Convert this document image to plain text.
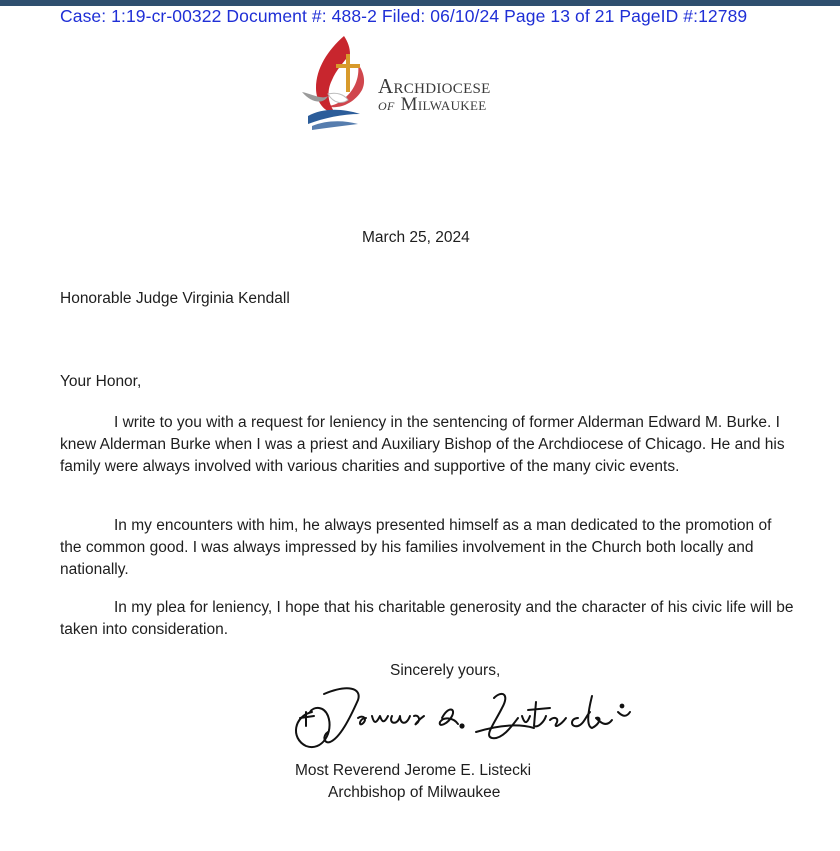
Case: 1:19-cr-00322 Document #: 488-2 Filed: 06/10/24 Page 13 of 21 PageID #:12789
Archdiocese
of Milwaukee
March 25, 2024
Honorable Judge Virginia Kendall
Your Honor,
I write to you with a request for leniency in the sentencing of former Alderman Edward M. Burke. I knew Alderman Burke when I was a priest and Auxiliary Bishop of the Archdiocese of Chicago. He and his family were always involved with various charities and supportive of the many civic events.
In my encounters with him, he always presented himself as a man dedicated to the promotion of the common good. I was always impressed by his families involvement in the Church both locally and nationally.
In my plea for leniency, I hope that his charitable generosity and the character of his civic life will be taken into consideration.
Sincerely yours,
Most Reverend Jerome E. Listecki
Archbishop of Milwaukee
